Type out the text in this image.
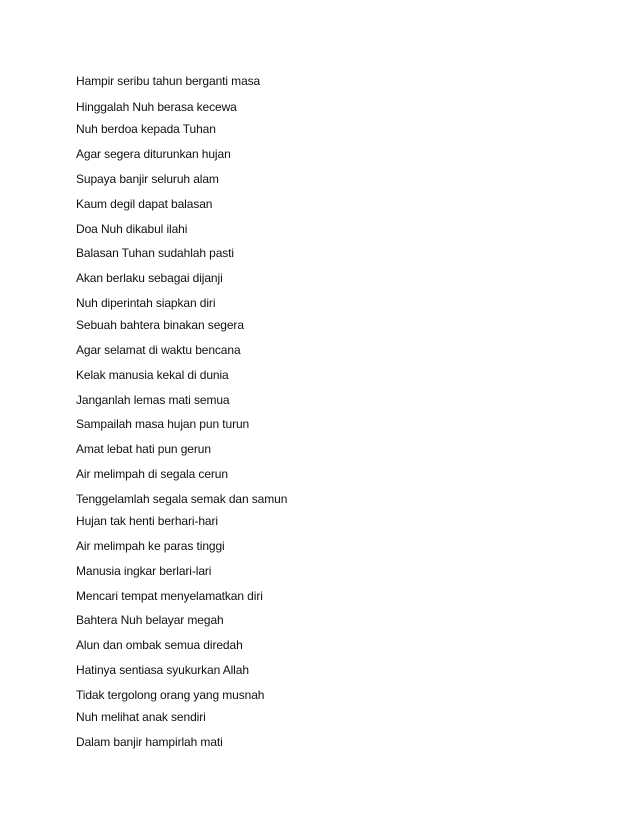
Hampir seribu tahun berganti masa
Hinggalah Nuh berasa kecewa
Nuh berdoa kepada Tuhan
Agar segera diturunkan hujan
Supaya banjir seluruh alam
Kaum degil dapat balasan
Doa Nuh dikabul ilahi
Balasan Tuhan sudahlah pasti
Akan berlaku sebagai dijanji
Nuh diperintah siapkan diri
Sebuah bahtera binakan segera
Agar selamat di waktu bencana
Kelak manusia kekal di dunia
Janganlah lemas mati semua
Sampailah masa hujan pun turun
Amat lebat hati pun gerun
Air melimpah di segala cerun
Tenggelamlah segala semak dan samun
Hujan tak henti berhari-hari
Air melimpah ke paras tinggi
Manusia ingkar berlari-lari
Mencari tempat menyelamatkan diri
Bahtera Nuh belayar megah
Alun dan ombak semua diredah
Hatinya sentiasa syukurkan Allah
Tidak tergolong orang yang musnah
Nuh melihat anak sendiri
Dalam banjir hampirlah mati
